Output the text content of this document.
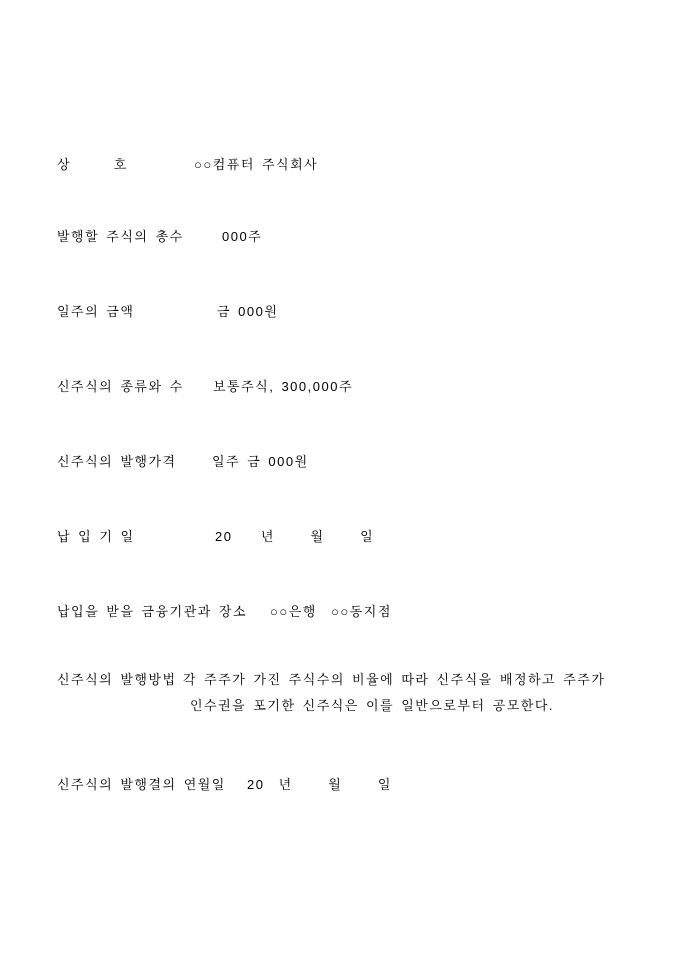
상      호	○○컴퓨터 주식회사
발행할 주식의 총수	000주
일주의 금액	금 000원
신주식의 종류와 수 보통주식, 300,000주
신주식의 발행가격	일주 금 000원
납 입 기 일	20    년     월     일
납입을 받을 금융기관과 장소 ○○은행  ○○동지점
신주식의 발행방법 각 주주가 가진 주식수의 비율에 따라 신주식을 배정하고 주주가
인수권을 포기한 신주식은 이를 일반으로부터 공모한다.
신주식의 발행결의 연월일 20  년     월     일
